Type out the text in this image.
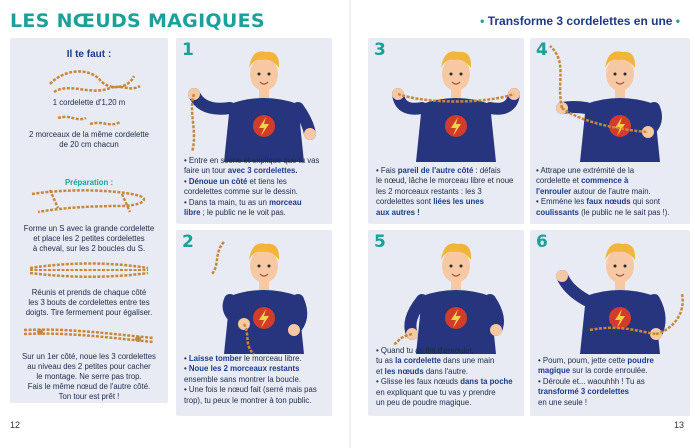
LES NŒUDS MAGIQUES	• Transforme 3 cordelettes en une •
Il te faut :
1 cordelette d'1,20 m
2 morceaux de la même cordelette
de 20 cm chacun
Préparation :
Forme un S avec la grande cordelette
et place les 2 petites cordelettes
à cheval, sur les 2 boucles du S.
Réunis et prends de chaque côté
les 3 bouts de cordelettes entre tes
doigts. Tire fermement pour égaliser.
Sur un 1er côté, noue les 3 cordelettes
au niveau des 2 petites pour cacher
le montage. Ne serre pas trop.
Fais le même nœud de l'autre côté.
Ton tour est prêt !
1

• Entre en scène et explique que tu vas

faire un tour avec 3 cordelettes.

• Dénoue un côté et tiens les

cordelettes comme sur le dessin.

• Dans ta main, tu as un morceau

libre ; le public ne le voit pas.

2

• Laisse tomber le morceau libre.

• Noue les 2 morceaux restants

ensemble sans montrer la boucle.

• Une fois le nœud fait (serré mais pas

trop), tu peux le montrer à ton public.

3

• Fais pareil de l'autre côté : défais

le nœud, lâche le morceau libre et noue

les 2 morceaux restants : les 3

cordelettes sont liées les unes

aux autres !

4

• Attrape une extrémité de la

cordelette et commence à

l'enrouler autour de l'autre main.

• Emmène les faux nœuds qui sont

coulissants (le public ne le sait pas !).

5

• Quand tu as fini d'enrouler,

tu as la cordelette dans une main

et les nœuds dans l'autre.

• Glisse les faux nœuds dans ta poche

en expliquant que tu vas y prendre

un peu de poudre magique.

6

• Poum, poum, jette cette poudre

magique sur la corde enroulée.

• Déroule et... waouhhh ! Tu as

transformé 3 cordelettes

en une seule !

12	13
